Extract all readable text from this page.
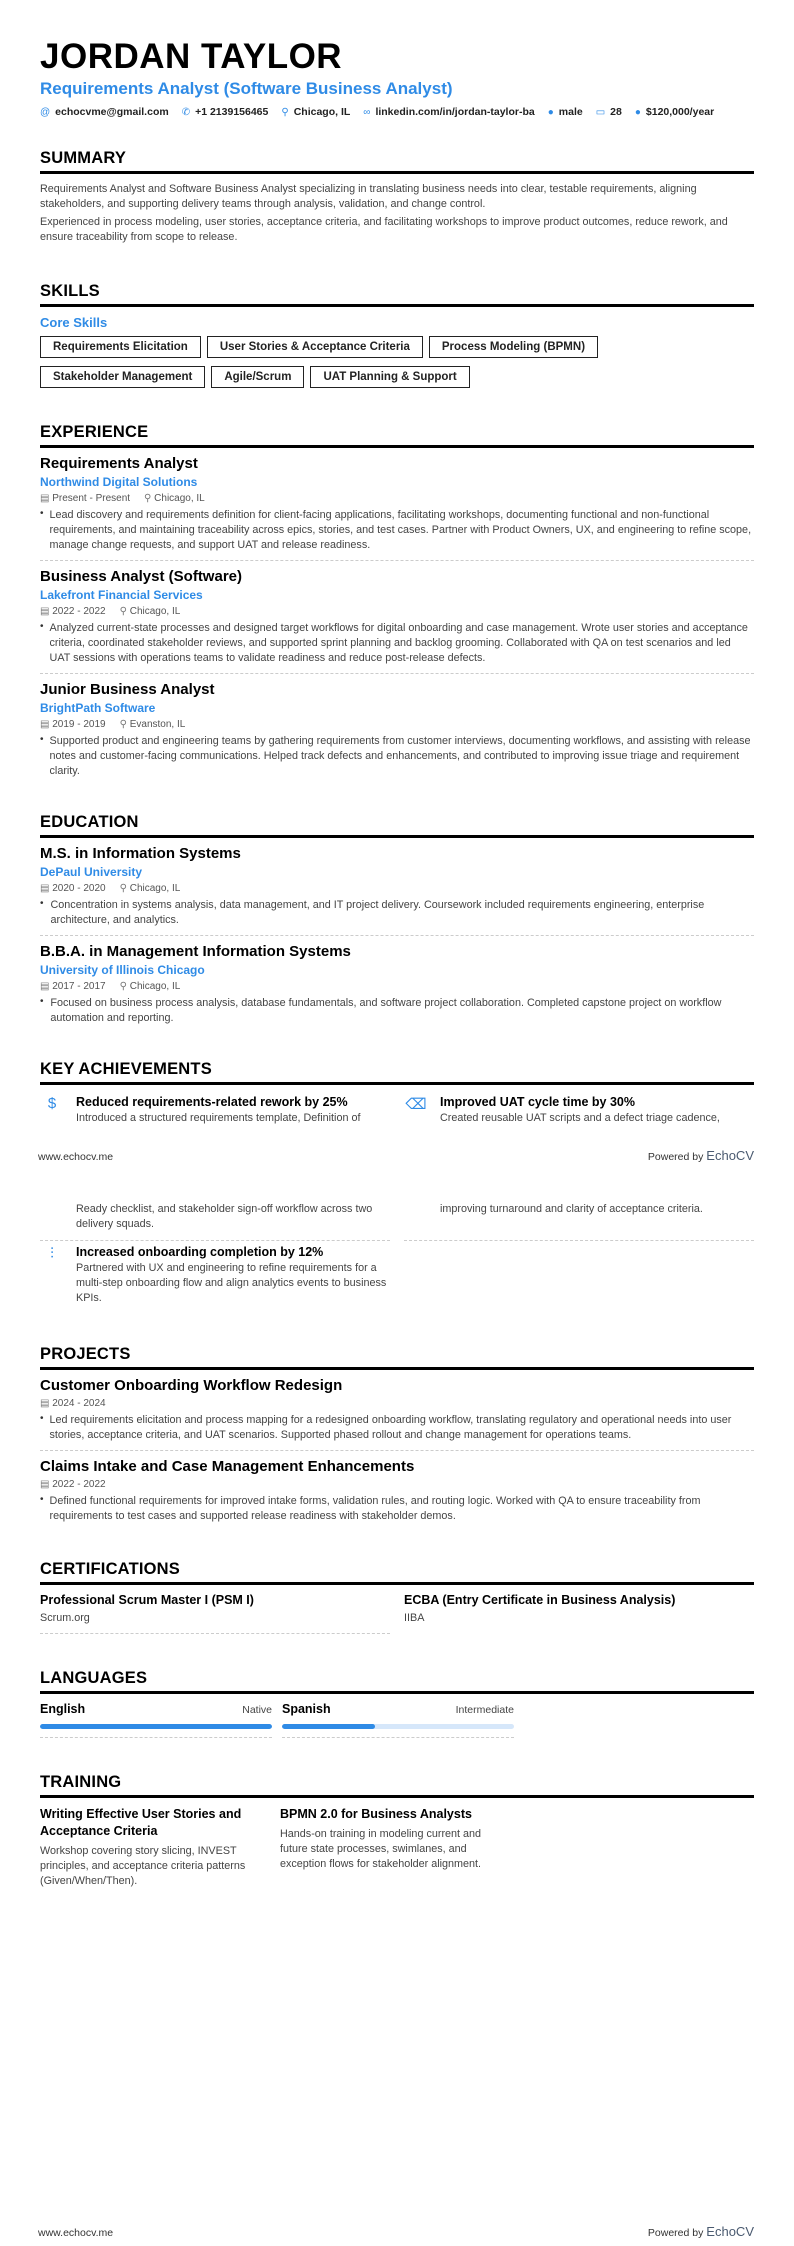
JORDAN TAYLOR
Requirements Analyst (Software Business Analyst)
@ echocvme@gmail.com ✆ +1 2139156465 ⚲ Chicago, IL ∞ linkedin.com/in/jordan-taylor-ba ● male ▭ 28 ● $120,000/year
SUMMARY

Requirements Analyst and Software Business Analyst specializing in translating business needs into clear, testable requirements, aligning stakeholders, and supporting delivery teams through analysis, validation, and change control.

Experienced in process modeling, user stories, acceptance criteria, and facilitating workshops to improve product outcomes, reduce rework, and ensure traceability from scope to release.

SKILLS
Core Skills
Requirements Elicitation	User Stories & Acceptance Criteria	Process Modeling (BPMN)
Stakeholder Management	Agile/Scrum	UAT Planning & Support
EXPERIENCE
Requirements Analyst
Northwind Digital Solutions
▤ Present - Present ⚲ Chicago, IL
• Lead discovery and requirements definition for client-facing applications, facilitating workshops, documenting functional and non-functional requirements, and maintaining traceability across epics, stories, and test cases. Partner with Product Owners, UX, and engineering to refine scope, manage change requests, and support UAT and release readiness.
Business Analyst (Software)
Lakefront Financial Services
▤ 2022 - 2022 ⚲ Chicago, IL
• Analyzed current-state processes and designed target workflows for digital onboarding and case management. Wrote user stories and acceptance criteria, coordinated stakeholder reviews, and supported sprint planning and backlog grooming. Collaborated with QA on test scenarios and led UAT sessions with operations teams to validate readiness and reduce post-release defects.
Junior Business Analyst
BrightPath Software
▤ 2019 - 2019 ⚲ Evanston, IL
• Supported product and engineering teams by gathering requirements from customer interviews, documenting workflows, and assisting with release notes and customer-facing communications. Helped track defects and enhancements, and contributed to improving issue triage and requirement clarity.
EDUCATION
M.S. in Information Systems
DePaul University
▤ 2020 - 2020 ⚲ Chicago, IL
• Concentration in systems analysis, data management, and IT project delivery. Coursework included requirements engineering, enterprise architecture, and analytics.
B.B.A. in Management Information Systems
University of Illinois Chicago
▤ 2017 - 2017 ⚲ Chicago, IL
• Focused on business process analysis, database fundamentals, and software project collaboration. Completed capstone project on workflow automation and reporting.
KEY ACHIEVEMENTS
$	Reduced requirements-related rework by 25%
Introduced a structured requirements template, Definition of
www.echocv.me	Powered by EchoCV
Ready checklist, and stakeholder sign-off workflow across two delivery squads.
⌫ Improved UAT cycle time by 30%
Created reusable UAT scripts and a defect triage cadence,
improving turnaround and clarity of acceptance criteria.
⫶	Increased onboarding completion by 12%
Partnered with UX and engineering to refine requirements for a multi-step onboarding flow and align analytics events to business KPIs.
PROJECTS
Customer Onboarding Workflow Redesign
▤ 2024 - 2024
• Led requirements elicitation and process mapping for a redesigned onboarding workflow, translating regulatory and operational needs into user stories, acceptance criteria, and UAT scenarios. Supported phased rollout and change management for operations teams.
Claims Intake and Case Management Enhancements
▤ 2022 - 2022
• Defined functional requirements for improved intake forms, validation rules, and routing logic. Worked with QA to ensure traceability from requirements to test cases and supported release readiness with stakeholder demos.
CERTIFICATIONS
Professional Scrum Master I (PSM I)
Scrum.org
ECBA (Entry Certificate in Business Analysis)
IIBA
LANGUAGES
English	Native Spanish	Intermediate
TRAINING
Writing Effective User Stories and Acceptance Criteria
Workshop covering story slicing, INVEST principles, and acceptance criteria patterns (Given/When/Then).
BPMN 2.0 for Business Analysts
Hands-on training in modeling current and future state processes, swimlanes, and exception flows for stakeholder alignment.
www.echocv.me	Powered by EchoCV
